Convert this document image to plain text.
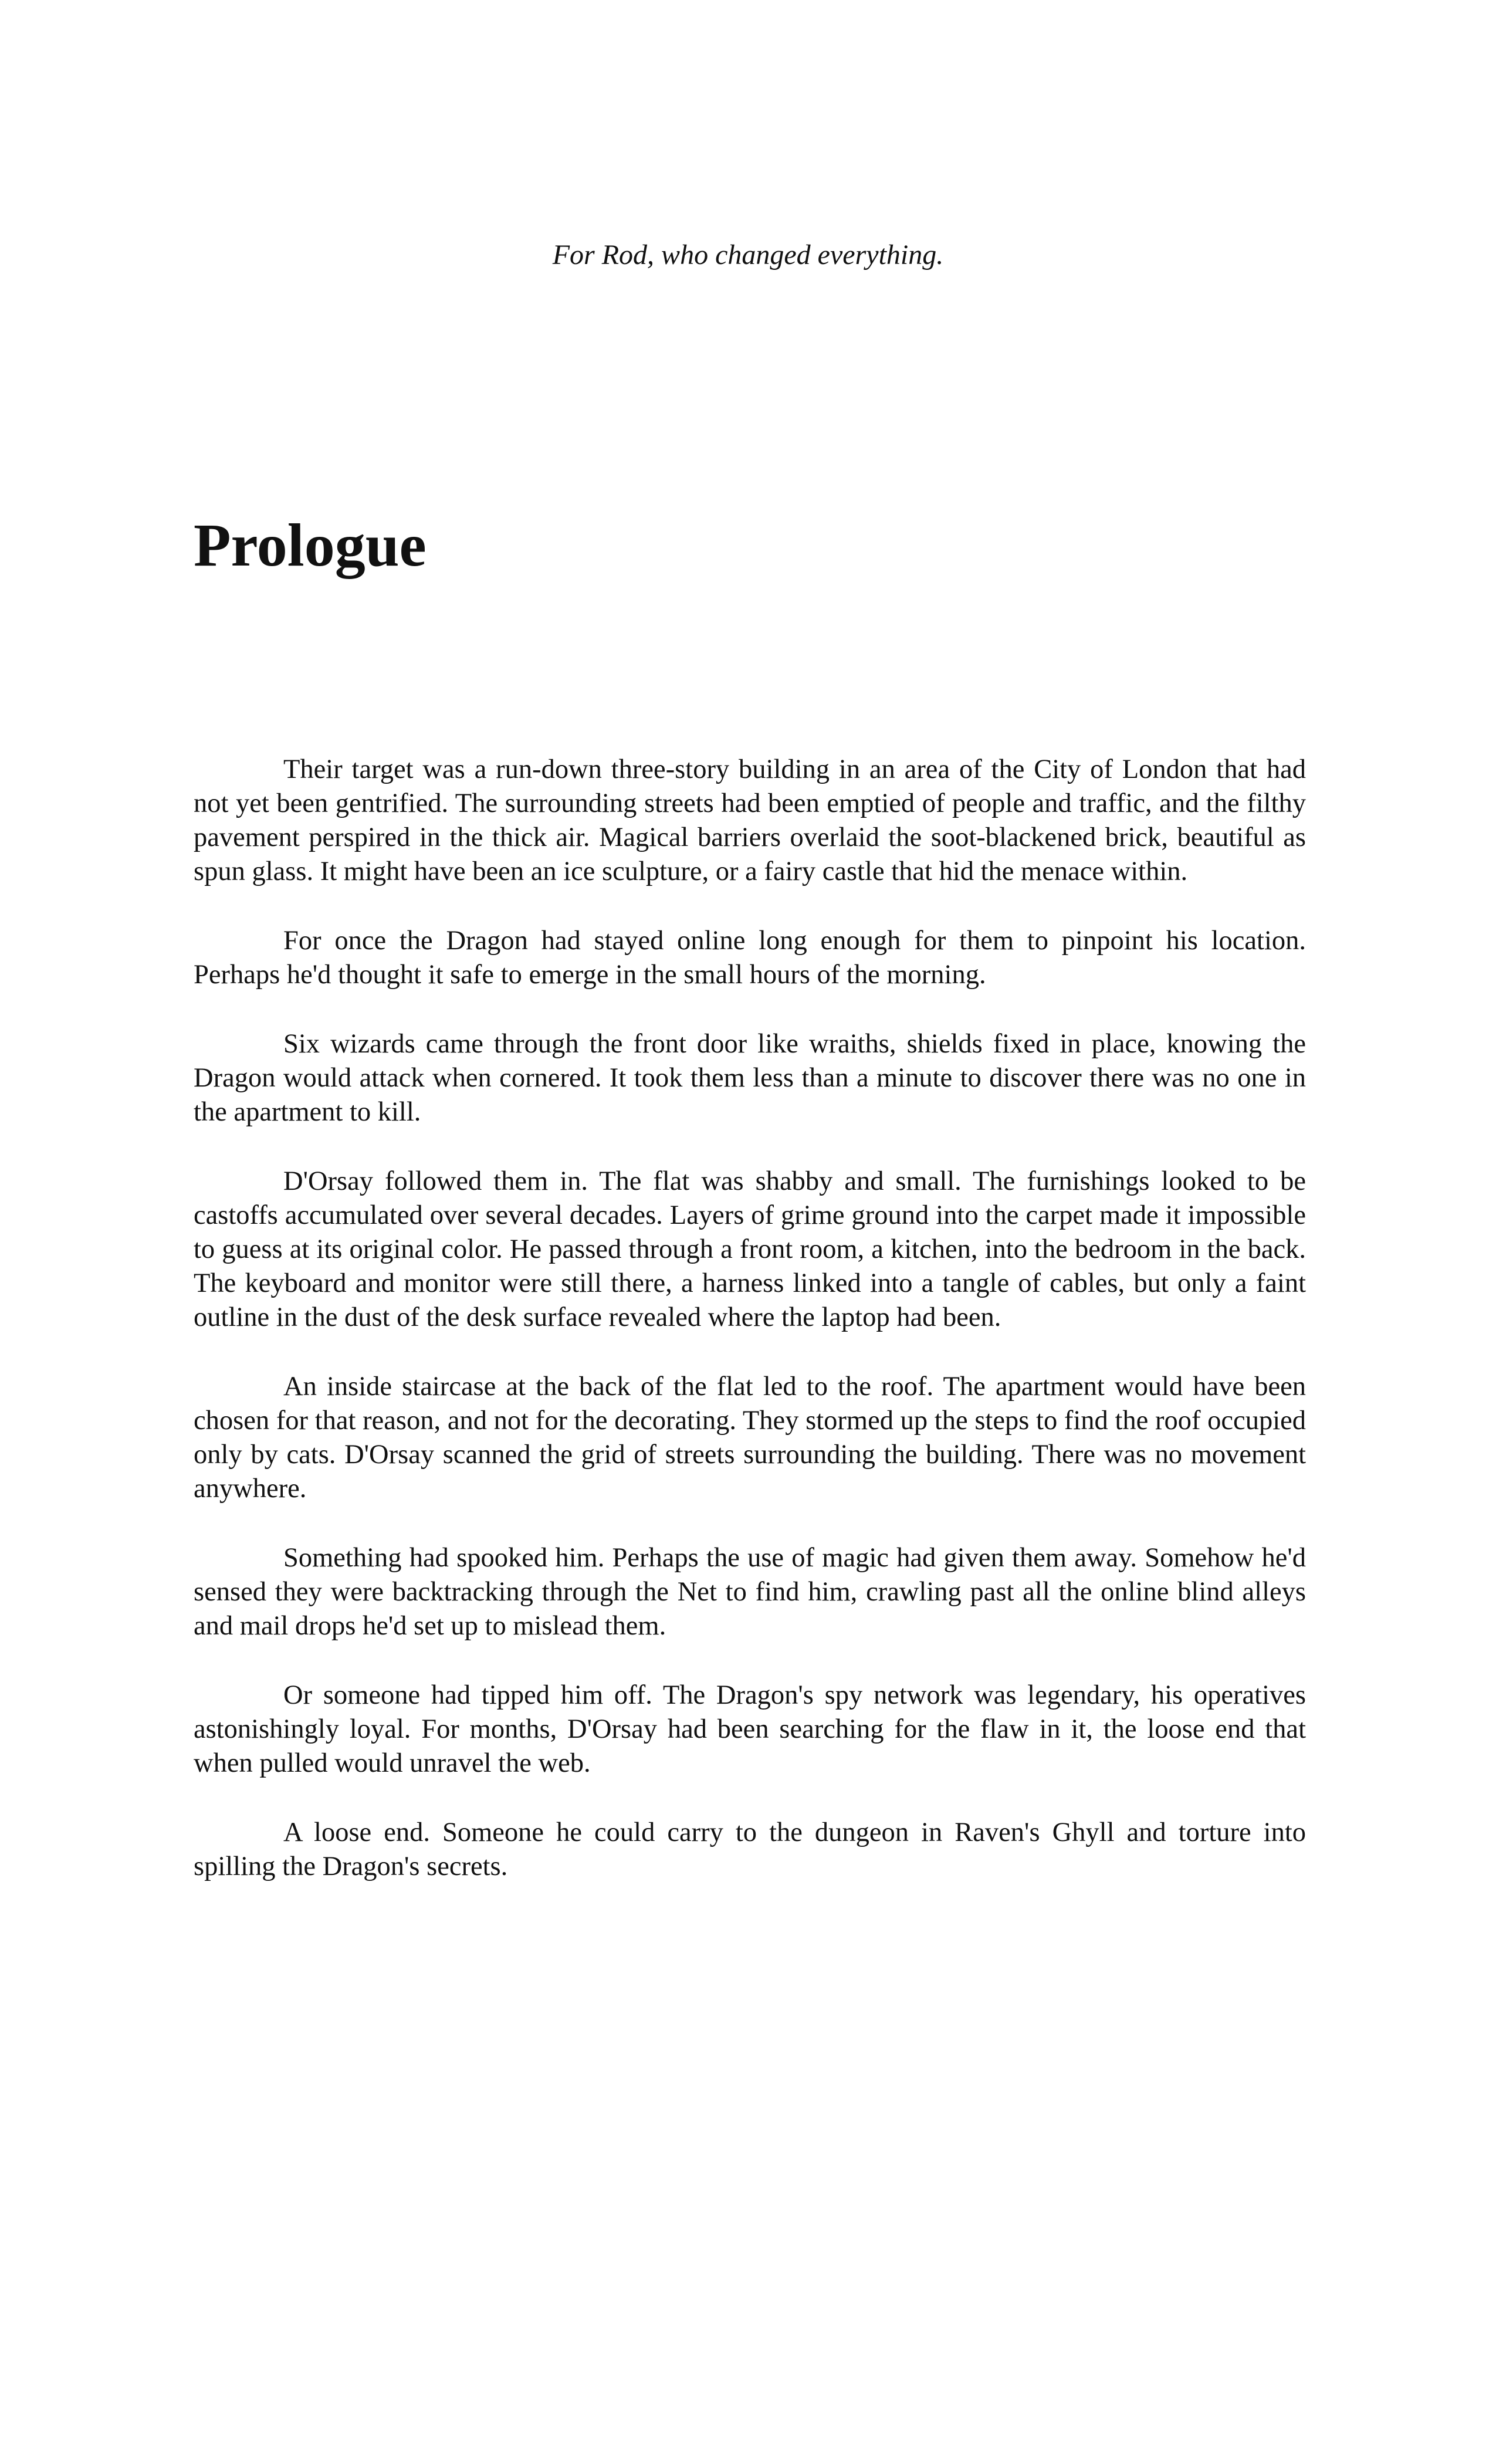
For Rod, who changed everything.

Prologue

Their target was a run-down three-story building in an area of the City of London that had not yet been gentrified. The surrounding streets had been emptied of people and traffic, and the filthy pavement perspired in the thick air. Magical barriers overlaid the soot-blackened brick, beautiful as spun glass. It might have been an ice sculpture, or a fairy castle that hid the menace within.

For once the Dragon had stayed online long enough for them to pinpoint his location. Perhaps he'd thought it safe to emerge in the small hours of the morning.

Six wizards came through the front door like wraiths, shields fixed in place, knowing the Dragon would attack when cornered. It took them less than a minute to discover there was no one in the apartment to kill.

D'Orsay followed them in. The flat was shabby and small. The furnishings looked to be castoffs accumulated over several decades. Layers of grime ground into the carpet made it impossible to guess at its original color. He passed through a front room, a kitchen, into the bedroom in the back. The keyboard and monitor were still there, a harness linked into a tangle of cables, but only a faint outline in the dust of the desk surface revealed where the laptop had been.

An inside staircase at the back of the flat led to the roof. The apartment would have been chosen for that reason, and not for the decorating. They stormed up the steps to find the roof occupied only by cats. D'Orsay scanned the grid of streets surrounding the building. There was no movement anywhere.

Something had spooked him. Perhaps the use of magic had given them away. Somehow he'd sensed they were backtracking through the Net to find him, crawling past all the online blind alleys and mail drops he'd set up to mislead them.

Or someone had tipped him off. The Dragon's spy network was legendary, his operatives astonishingly loyal. For months, D'Orsay had been searching for the flaw in it, the loose end that when pulled would unravel the web.

A loose end. Someone he could carry to the dungeon in Raven's Ghyll and torture into spilling the Dragon's secrets.
